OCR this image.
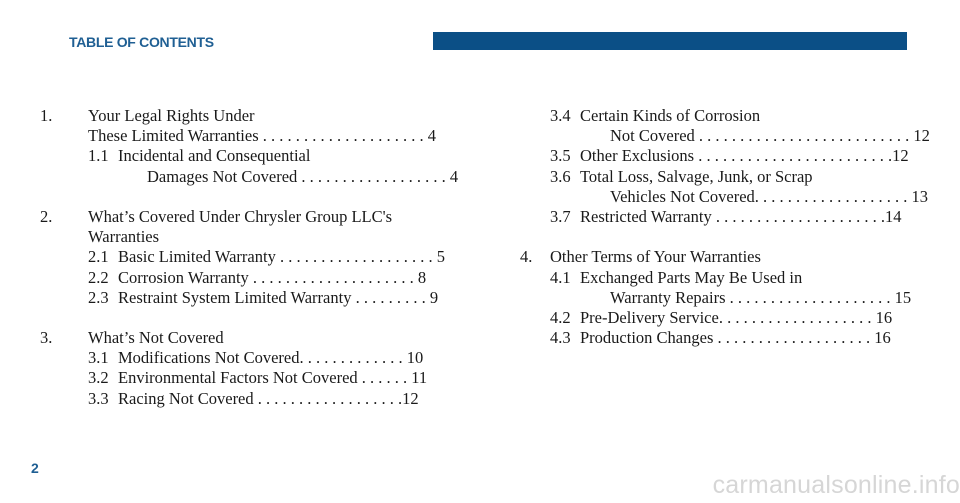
TABLE OF CONTENTS
1. Your Legal Rights Under
These Limited Warranties . . . . . . . . . . . . . . . . . . . . 4
1.1 Incidental and Consequential
Damages Not Covered . . . . . . . . . . . . . . . . . . 4
2. What’s Covered Under Chrysler Group LLC's
Warranties
2.1 Basic Limited Warranty . . . . . . . . . . . . . . . . . . . 5
2.2 Corrosion Warranty . . . . . . . . . . . . . . . . . . . . 8
2.3 Restraint System Limited Warranty . . . . . . . . . 9
3. What’s Not Covered
3.1 Modifications Not Covered. . . . . . . . . . . . . 10
3.2 Environmental Factors Not Covered . . . . . . 11
3.3 Racing Not Covered . . . . . . . . . . . . . . . . . .12
3.4 Certain Kinds of Corrosion
Not Covered . . . . . . . . . . . . . . . . . . . . . . . . . . 12
3.5 Other Exclusions . . . . . . . . . . . . . . . . . . . . . . . .12
3.6 Total Loss, Salvage, Junk, or Scrap
Vehicles Not Covered. . . . . . . . . . . . . . . . . . . 13
3.7 Restricted Warranty . . . . . . . . . . . . . . . . . . . . .14
4. Other Terms of Your Warranties
4.1 Exchanged Parts May Be Used in
Warranty Repairs . . . . . . . . . . . . . . . . . . . . 15
4.2 Pre-Delivery Service. . . . . . . . . . . . . . . . . . . 16
4.3 Production Changes . . . . . . . . . . . . . . . . . . . 16
2
carmanualsonline.info
